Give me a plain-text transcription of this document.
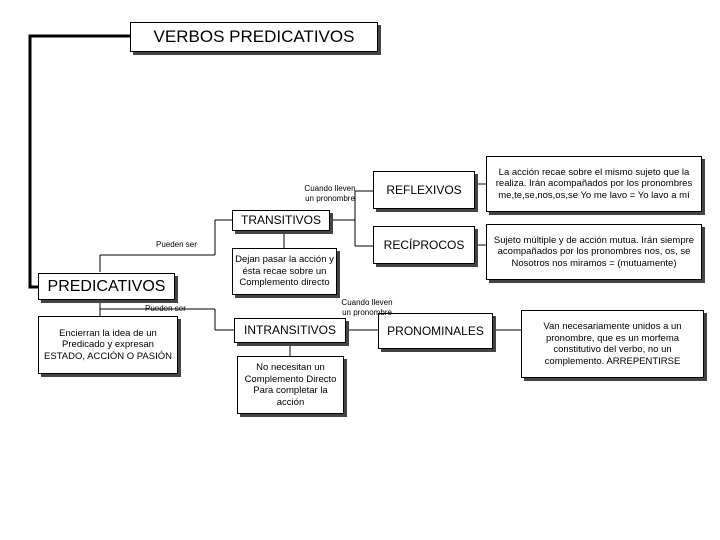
VERBOS PREDICATIVOS
PREDICATIVOS
Encierran la idea de un Predicado y expresan ESTADO, ACCIÓN O PASIÓN
TRANSITIVOS
Dejan pasar la acción y ésta recae sobre un Complemento directo
INTRANSITIVOS
No necesitan un Complemento Directo Para completar la acción
REFLEXIVOS
La acción recae sobre el mismo sujeto que la realiza. Irán acompañados por los pronombres me,te,se,nos,os,se Yo me lavo = Yo lavo a mí
RECÍPROCOS	Sujeto múltiple y de acción mutua. Irán siempre acompañados por los pronombres nos, os, se Nosotros nos miramos = (mutuamente)
PRONOMINALES	Van necesariamente unidos a un pronombre, que es un morfema constitutivo del verbo, no un complemento. ARREPENTIRSE
Pueden ser
Pueden ser
Cuando lleven un pronombre
Cuando lleven un pronombre
